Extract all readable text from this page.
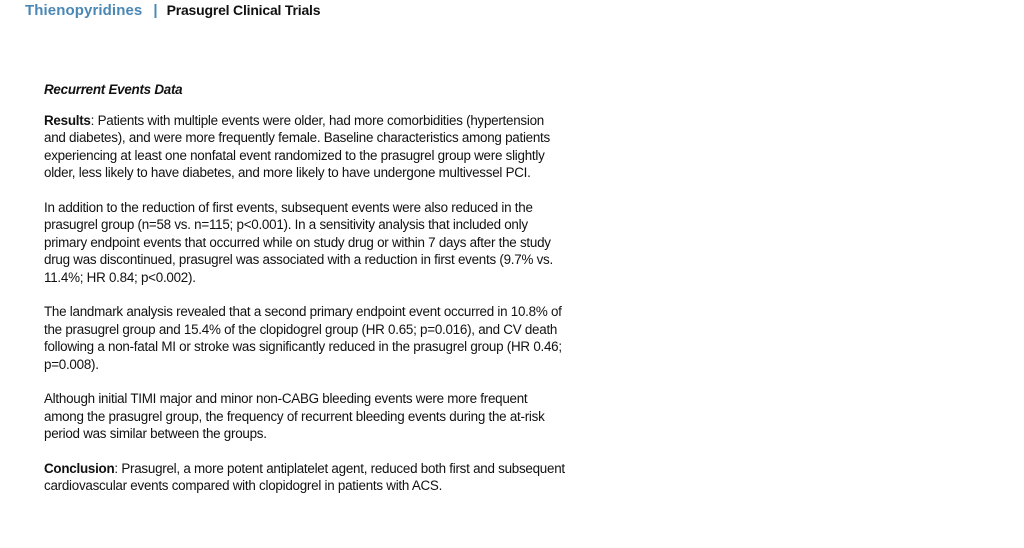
Thienopyridines | Prasugrel Clinical Trials

Recurrent Events Data

Results: Patients with multiple events were older, had more comorbidities (hypertension and diabetes), and were more frequently female. Baseline characteristics among patients experiencing at least one nonfatal event randomized to the prasugrel group were slightly older, less likely to have diabetes, and more likely to have undergone multivessel PCI.

In addition to the reduction of first events, subsequent events were also reduced in the prasugrel group (n=58 vs. n=115; p<0.001). In a sensitivity analysis that included only primary endpoint events that occurred while on study drug or within 7 days after the study drug was discontinued, prasugrel was associated with a reduction in first events (9.7% vs. 11.4%; HR 0.84; p<0.002).

The landmark analysis revealed that a second primary endpoint event occurred in 10.8% of the prasugrel group and 15.4% of the clopidogrel group (HR 0.65; p=0.016), and CV death following a non-fatal MI or stroke was significantly reduced in the prasugrel group (HR 0.46; p=0.008).

Although initial TIMI major and minor non-CABG bleeding events were more frequent among the prasugrel group, the frequency of recurrent bleeding events during the at-risk period was similar between the groups.

Conclusion: Prasugrel, a more potent antiplatelet agent, reduced both first and subsequent cardiovascular events compared with clopidogrel in patients with ACS.
